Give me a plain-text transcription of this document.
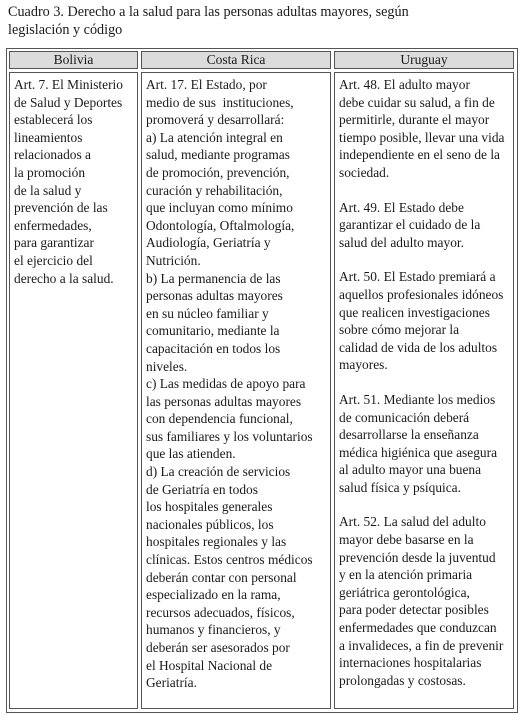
Cuadro 3. Derecho a la salud para las personas adultas mayores, según
legislación y código
Bolivia	Costa Rica	Uruguay
Art. 7. El Ministerio
de Salud y Deportes
establecerá los
lineamientos
relacionados a
la promoción
de la salud y
prevención de las
enfermedades,
para garantizar
el ejercicio del
derecho a la salud.
Art. 17. El Estado, por
medio de sus  instituciones,
promoverá y desarrollará:
a) La atención integral en
salud, mediante programas
de promoción, prevención,
curación y rehabilitación,
que incluyan como mínimo
Odontología, Oftalmología,
Audiología, Geriatría y
Nutrición.
b) La permanencia de las
personas adultas mayores
en su núcleo familiar y
comunitario, mediante la
capacitación en todos los
niveles.
c) Las medidas de apoyo para
las personas adultas mayores
con dependencia funcional,
sus familiares y los voluntarios
que las atienden.
d) La creación de servicios
de Geriatría en todos
los hospitales generales
nacionales públicos, los
hospitales regionales y las
clínicas. Estos centros médicos
deberán contar con personal
especializado en la rama,
recursos adecuados, físicos,
humanos y financieros, y
deberán ser asesorados por
el Hospital Nacional de
Geriatría.
Art. 48. El adulto mayor
debe cuidar su salud, a fin de
permitirle, durante el mayor
tiempo posible, llevar una vida
independiente en el seno de la
sociedad.
Art. 49. El Estado debe
garantizar el cuidado de la
salud del adulto mayor.
Art. 50. El Estado premiará a
aquellos profesionales idóneos
que realicen investigaciones
sobre cómo mejorar la
calidad de vida de los adultos
mayores.
Art. 51. Mediante los medios
de comunicación deberá
desarrollarse la enseñanza
médica higiénica que asegura
al adulto mayor una buena
salud física y psíquica.
Art. 52. La salud del adulto
mayor debe basarse en la
prevención desde la juventud
y en la atención primaria
geriátrica gerontológica,
para poder detectar posibles
enfermedades que conduzcan
a invalideces, a fin de prevenir
internaciones hospitalarias
prolongadas y costosas.
